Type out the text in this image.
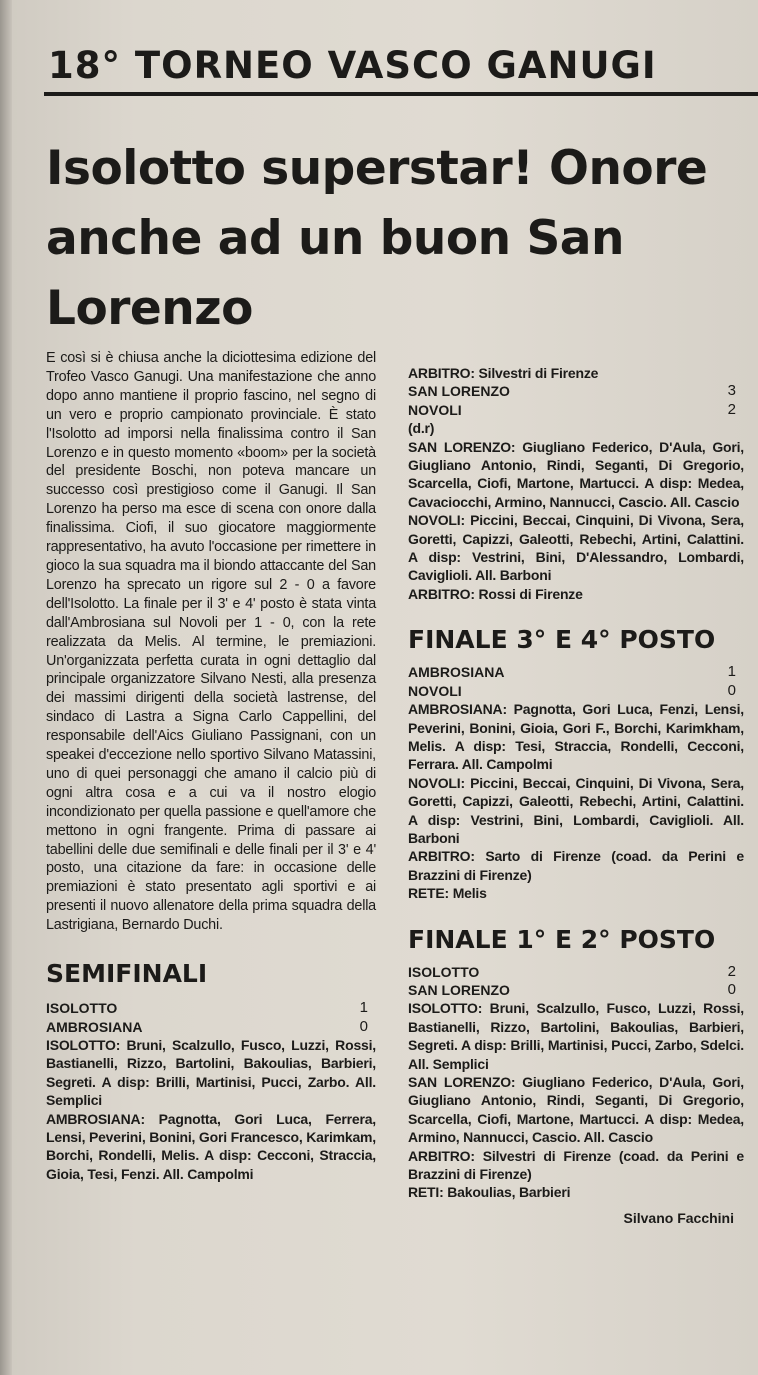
18° TORNEO VASCO GANUGI
Isolotto superstar! Onore anche ad un buon San Lorenzo

E così si è chiusa anche la diciottesima edizione del Trofeo Vasco Ganugi. Una manifestazione che anno dopo anno mantiene il proprio fascino, nel segno di un vero e proprio campionato provinciale. È stato l'Isolotto ad imporsi nella finalissima contro il San Lorenzo e in questo momento «boom» per la società del presidente Boschi, non poteva mancare un successo così prestigioso come il Ganugi. Il San Lorenzo ha perso ma esce di scena con onore dalla finalissima. Ciofi, il suo giocatore maggiormente rappresentativo, ha avuto l'occasione per rimettere in gioco la sua squadra ma il biondo attaccante del San Lorenzo ha sprecato un rigore sul 2 - 0 a favore dell'Isolotto. La finale per il 3' e 4' posto è stata vinta dall'Ambrosiana sul Novoli per 1 - 0, con la rete realizzata da Melis. Al termine, le premiazioni. Un'organizzata perfetta curata in ogni dettaglio dal principale organizzatore Silvano Nesti, alla presenza dei massimi dirigenti della società lastrense, del sindaco di Lastra a Signa Carlo Cappellini, del responsabile dell'Aics Giuliano Passignani, con un speakei d'eccezione nello sportivo Silvano Matassini, uno di quei personaggi che amano il calcio più di ogni altra cosa e a cui va il nostro elogio incondizionato per quella passione e quell'amore che mettono in ogni frangente. Prima di passare ai tabellini delle due semifinali e delle finali per il 3' e 4' posto, una citazione da fare: in occasione delle premiazioni è stato presentato agli sportivi e ai presenti il nuovo allenatore della prima squadra della Lastrigiana, Bernardo Duchi.

SEMIFINALI
ISOLOTTO	1
AMBROSIANA	0
ISOLOTTO: Bruni, Scalzullo, Fusco, Luzzi, Rossi, Bastianelli, Rizzo, Bartolini, Bakoulias, Barbieri, Segreti. A disp: Brilli, Martinisi, Pucci, Zarbo. All. Semplici
AMBROSIANA: Pagnotta, Gori Luca, Ferrera, Lensi, Peverini, Bonini, Gori Francesco, Karimkam, Borchi, Rondelli, Melis. A disp: Cecconi, Straccia, Gioia, Tesi, Fenzi. All. Campolmi
ARBITRO: Silvestri di Firenze
SAN LORENZO	3
NOVOLI	2
(d.r)
SAN LORENZO: Giugliano Federico, D'Aula, Gori, Giugliano Antonio, Rindi, Seganti, Di Gregorio, Scarcella, Ciofi, Martone, Martucci. A disp: Medea, Cavaciocchi, Armino, Nannucci, Cascio. All. Cascio
NOVOLI: Piccini, Beccai, Cinquini, Di Vivona, Sera, Goretti, Capizzi, Galeotti, Rebechi, Artini, Calattini. A disp: Vestrini, Bini, D'Alessandro, Lombardi, Caviglioli. All. Barboni
ARBITRO: Rossi di Firenze
FINALE 3° E 4° POSTO
AMBROSIANA	1
NOVOLI	0
AMBROSIANA: Pagnotta, Gori Luca, Fenzi, Lensi, Peverini, Bonini, Gioia, Gori F., Borchi, Karimkham, Melis. A disp: Tesi, Straccia, Rondelli, Cecconi, Ferrara. All. Campolmi
NOVOLI: Piccini, Beccai, Cinquini, Di Vivona, Sera, Goretti, Capizzi, Galeotti, Rebechi, Artini, Calattini. A disp: Vestrini, Bini, Lombardi, Caviglioli. All. Barboni
ARBITRO: Sarto di Firenze (coad. da Perini e Brazzini di Firenze)
RETE: Melis
FINALE 1° E 2° POSTO
ISOLOTTO	2
SAN LORENZO	0
ISOLOTTO: Bruni, Scalzullo, Fusco, Luzzi, Rossi, Bastianelli, Rizzo, Bartolini, Bakoulias, Barbieri, Segreti. A disp: Brilli, Martinisi, Pucci, Zarbo, Sdelci. All. Semplici
SAN LORENZO: Giugliano Federico, D'Aula, Gori, Giugliano Antonio, Rindi, Seganti, Di Gregorio, Scarcella, Ciofi, Martone, Martucci. A disp: Medea, Armino, Nannucci, Cascio. All. Cascio
ARBITRO: Silvestri di Firenze (coad. da Perini e Brazzini di Firenze)
RETI: Bakoulias, Barbieri
Silvano Facchini
